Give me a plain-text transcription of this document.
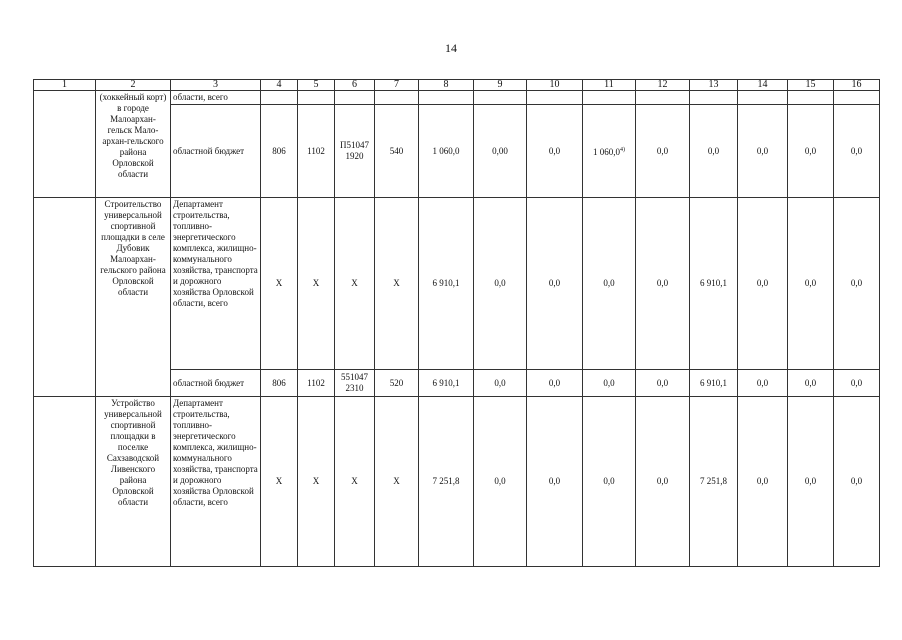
14
1	2	3	4	5	6	7	8	9	10	11	12	13	14	15	16
	(хоккейный корт) в городе Малоархан-гельск Мало-архан-гельского района Орловской области	области, всего													
		областной бюджет	806	1102	П51047 1920	540	1 060,0	0,00	0,0	1 060,0$^{4)}$	0,0	0,0	0,0	0,0	0,0
	Строительство универсальной спортивной площадки в селе Дубовик Малоархан-гельского района Орловской области	Департамент строительства, топливно-энергетического комплекса, жилищно-коммунального хозяйства, транспорта и дорожного хозяйства Орловской области, всего	Х	Х	Х	Х	6 910,1	0,0	0,0	0,0	0,0	6 910,1	0,0	0,0	0,0
		областной бюджет	806	1102	551047 2310	520	6 910,1	0,0	0,0	0,0	0,0	6 910,1	0,0	0,0	0,0
	Устройство универсальной спортивной площадки в поселке Сахзаводской Ливенского района Орловской области	Департамент строительства, топливно-энергетического комплекса, жилищно-коммунального хозяйства, транспорта и дорожного хозяйства Орловской области, всего	Х	Х	Х	Х	7 251,8	0,0	0,0	0,0	0,0	7 251,8	0,0	0,0	0,0
